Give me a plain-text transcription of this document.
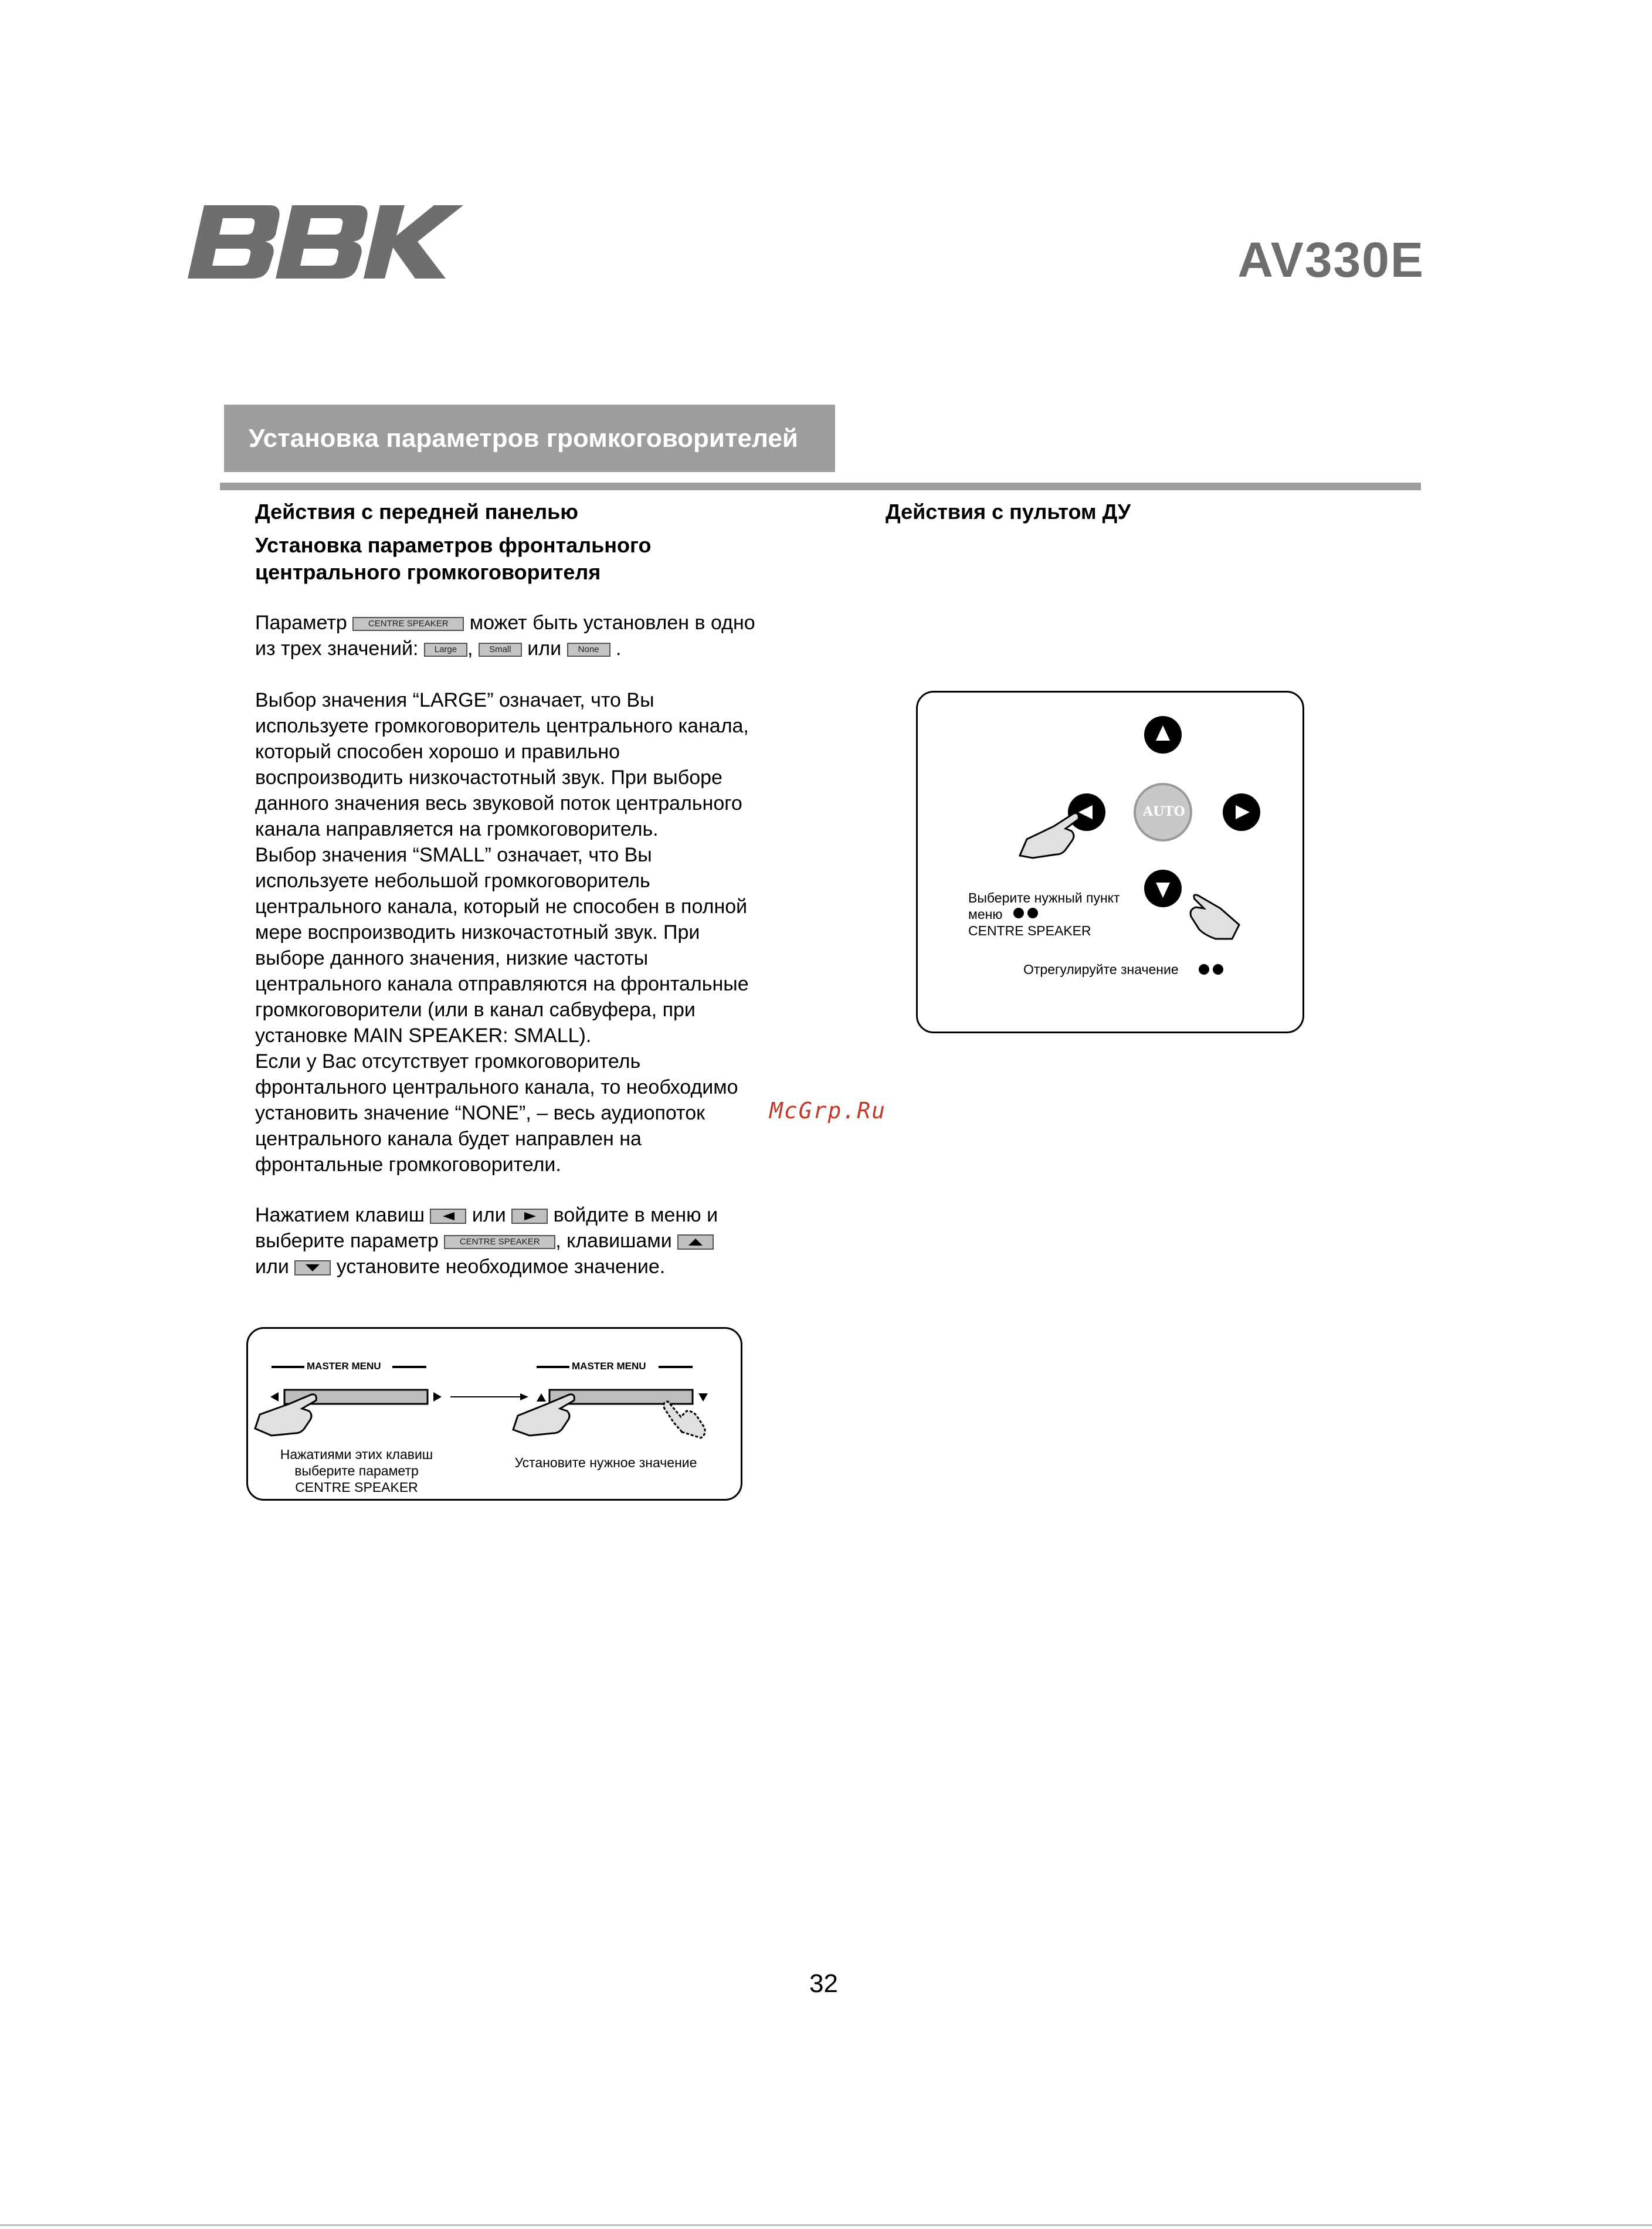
AV330E
Установка параметров громкоговорителей
Действия с передней панелью
Установка параметров фронтального
центрального громкоговорителя
Параметр CENTRE SPEAKER может быть установлен в одно
из трех значений: Large , Small или None .
Выбор значения “LARGE” означает, что Вы
используете громкоговоритель центрального канала,
который способен хорошо и правильно
воспроизводить низкочастотный звук. При выборе
данного значения весь звуковой поток центрального
канала направляется на громкоговоритель.
Выбор значения “SMALL” означает, что Вы
используете небольшой громкоговоритель
центрального канала, который не способен в полной
мере воспроизводить низкочастотный звук. При
выборе данного значения, низкие частоты
центрального канала отправляются на фронтальные
громкоговорители (или в канал сабвуфера, при
установке MAIN SPEAKER: SMALL).
Если у Вас отсутствует громкоговоритель
фронтального центрального канала, то необходимо
установить значение “NONE”, – весь аудиопоток
центрального канала будет направлен на
фронтальные громкоговорители.
Нажатием клавиш или войдите в меню и
выберите параметр CENTRE SPEAKER , клавишами
или установите необходимое значение.
MASTER MENU	MASTER MENU
Нажатиями этих клавиш
выберите параметр
CENTRE SPEAKER
Установите нужное значение
Действия с пультом ДУ
AUTO
Выберите нужный пункт
меню
CENTRE SPEAKER
Отрегулируйте значение
McGrp.Ru
32
